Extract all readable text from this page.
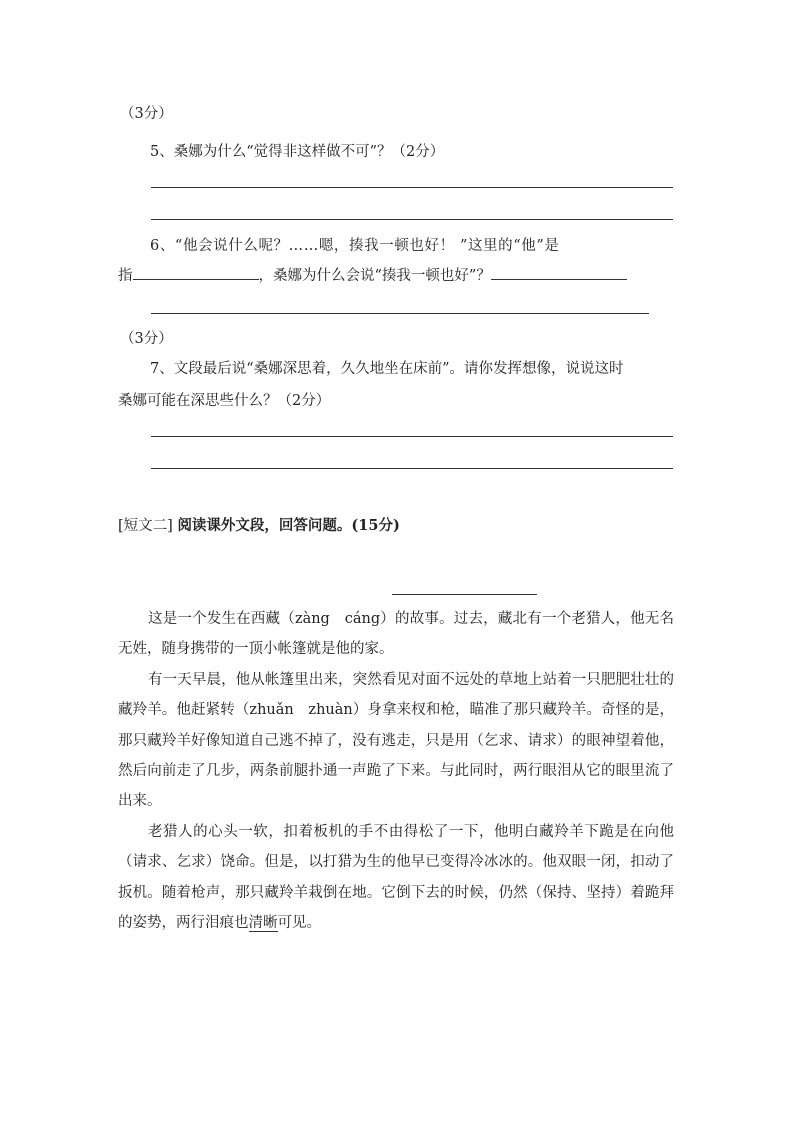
（3分）
5、桑娜为什么“觉得非这样做不可”？（2分）
6、“他会说什么呢？……嗯，揍我一顿也好！ ”这里的“他”是
指	，桑娜为什么会说“揍我一顿也好”？
（3分）
7、文段最后说“桑娜深思着，久久地坐在床前”。请你发挥想像，说说这时
桑娜可能在深思些什么？（2分）
[短文二] 阅读课外文段，回答问题。(15分)

这是一个发生在西藏（zàng　cáng）的故事。过去，藏北有一个老猎人，他无名无姓，随身携带的一顶小帐篷就是他的家。

有一天早晨，他从帐篷里出来，突然看见对面不远处的草地上站着一只肥肥壮壮的藏羚羊。他赶紧转（zhuǎn　zhuàn）身拿来杈和枪，瞄准了那只藏羚羊。奇怪的是，那只藏羚羊好像知道自己逃不掉了，没有逃走，只是用（乞求、请求）的眼神望着他，然后向前走了几步，两条前腿扑通一声跪了下来。与此同时，两行眼泪从它的眼里流了出来。

老猎人的心头一软，扣着板机的手不由得松了一下，他明白藏羚羊下跪是在向他（请求、乞求）饶命。但是，以打猎为生的他早已变得冷冰冰的。他双眼一闭，扣动了扳机。随着枪声，那只藏羚羊栽倒在地。它倒下去的时候，仍然（保持、坚持）着跪拜的姿势，两行泪痕也清晰可见。
